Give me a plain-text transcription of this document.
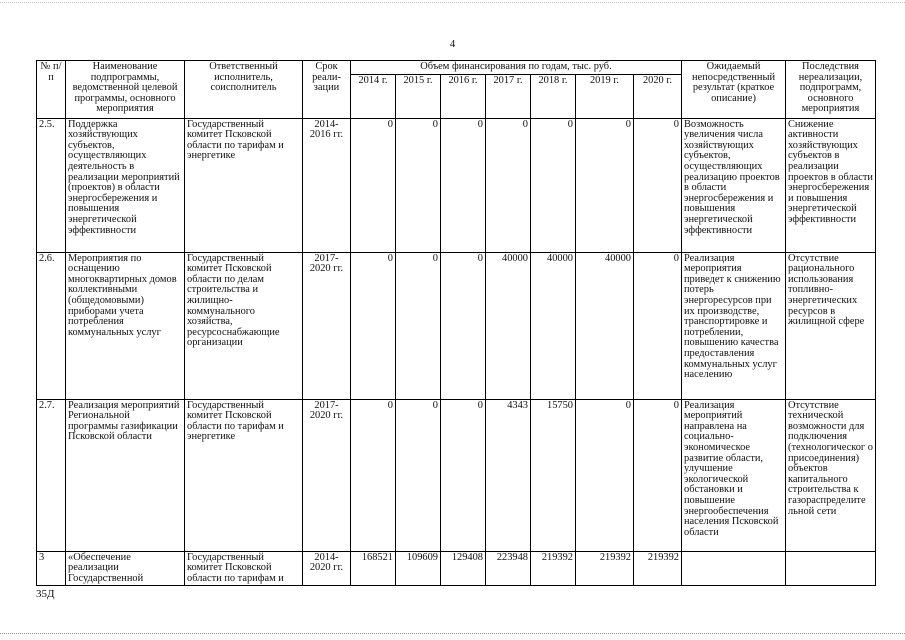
4
№ п/п	Наименование подпрограммы, ведомственной целевой программы, основного мероприятия	Ответственный исполнитель, соисполнитель	Срок реали-зации	Объем финансирования по годам, тыс. руб.							Ожидаемый непосредственный результат (краткое описание)	Последствия нереализации, подпрограмм, основного мероприятия
				2014 г.	2015 г.	2016 г.	2017 г.	2018 г.	2019 г.	2020 г.		
2.5.	Поддержка хозяйствующих субъектов, осуществляющих деятельность в реализации мероприятий (проектов) в области энергосбережения и повышения энергетической эффективности	Государственный комитет Псковской области по тарифам и энергетике	2014-2016 гг.	0	0	0	0	0	0	0	Возможность увеличения числа хозяйствующих субъектов, осуществляющих реализацию проектов в области энергосбережения и повышения энергетической эффективности	Снижение активности хозяйствующих субъектов в реализации проектов в области энергосбережения и повышения энергетической эффективности
2.6.	Мероприятия по оснащению многоквартирных домов коллективными (общедомовыми) приборами учета потребления коммунальных услуг	Государственный комитет Псковской области по делам строительства и жилищно-коммунального хозяйства, ресурсоснабжающие организации	2017-2020 гг.	0	0	0	40000	40000	40000	0	Реализация мероприятия приведет к снижению потерь энергоресурсов при их производстве, транспортировке и потреблении, повышению качества предоставления коммунальных услуг населению	Отсутствие рационального использования топливно-энергетических ресурсов в жилищной сфере
2.7.	Реализация мероприятий Региональной программы газификации Псковской области	Государственный комитет Псковской области по тарифам и энергетике	2017-2020 гг.	0	0	0	4343	15750	0	0	Реализация мероприятий направлена на социально-экономическое развитие области, улучшение экологической обстановки и повышение энергообеспечения населения Псковской области	Отсутствие технической возможности для подключения (технологическог о присоединения) объектов капитального строительства к газораспределите льной сети
3	«Обеспечение реализации Государственной	Государственный комитет Псковской области по тарифам и	2014-2020 гг.	168521	109609	129408	223948	219392	219392	219392		
35Д
